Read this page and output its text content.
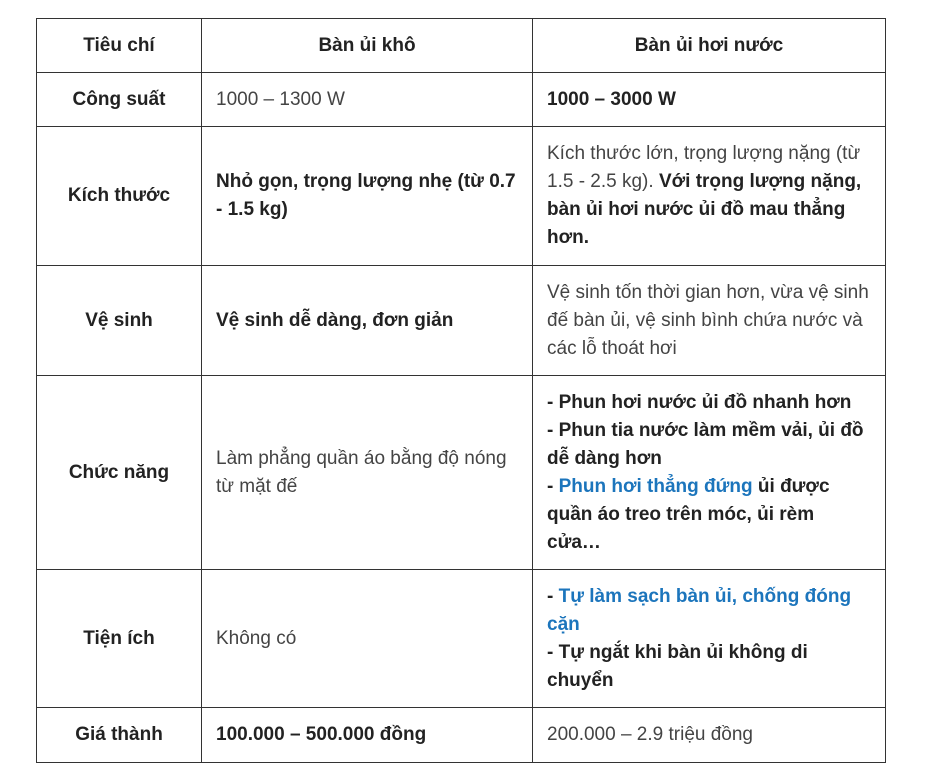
Tiêu chí	Bàn ủi khô	Bàn ủi hơi nước
Công suất	1000 – 1300 W	1000 – 3000 W
Kích thước	Nhỏ gọn, trọng lượng nhẹ (từ 0.7 - 1.5 kg)	Kích thước lớn, trọng lượng nặng (từ 1.5 - 2.5 kg). Với trọng lượng nặng, bàn ủi hơi nước ủi đồ mau thẳng hơn.
Vệ sinh	Vệ sinh dễ dàng, đơn giản	Vệ sinh tốn thời gian hơn, vừa vệ sinh đế bàn ủi, vệ sinh bình chứa nước và các lỗ thoát hơi
Chức năng	Làm phẳng quần áo bằng độ nóng từ mặt đế	- Phun hơi nước ủi đồ nhanh hơn
- Phun tia nước làm mềm vải, ủi đồ dễ dàng hơn
- Phun hơi thẳng đứng ủi được quần áo treo trên móc, ủi rèm cửa…

Tiện ích	Không có	- Tự làm sạch bàn ủi, chống đóng cặn
- Tự ngắt khi bàn ủi không di chuyển

Giá thành	100.000 – 500.000 đồng	200.000 – 2.9 triệu đồng
